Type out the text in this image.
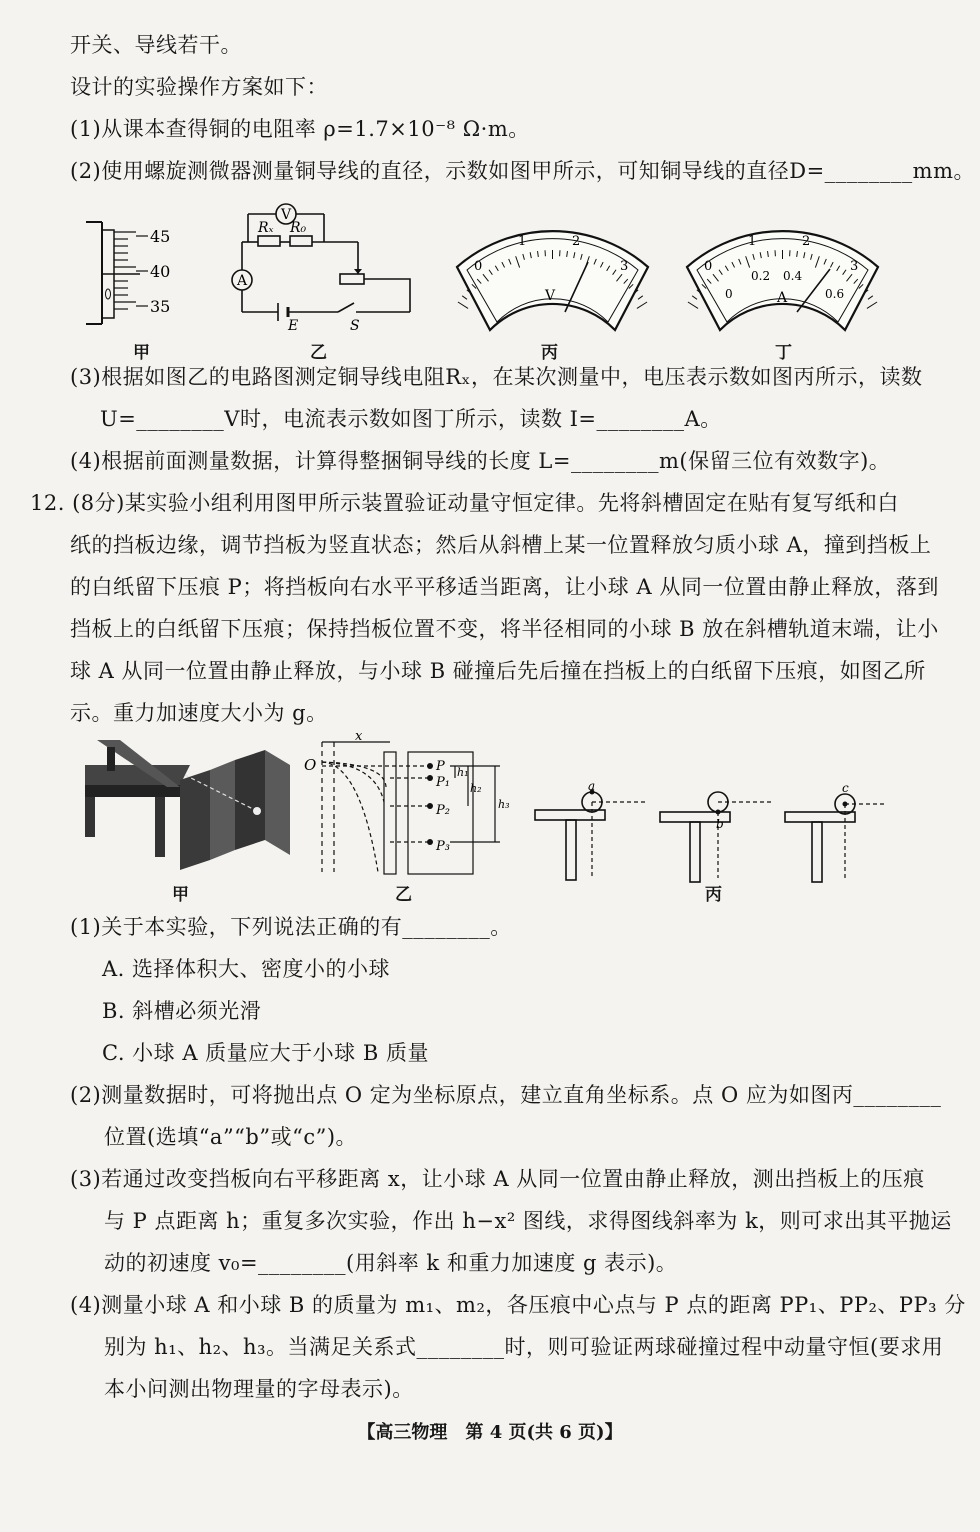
开关、导线若干。
设计的实验操作方案如下：
(1)从课本查得铜的电阻率 ρ=1.7×10⁻⁸ Ω·m。
(2)使用螺旋测微器测量铜导线的直径，示数如图甲所示，可知铜导线的直径D=________mm。
45
40
35
V
Rₓ R₀
A
E	S
0
1	2
3
V
0
1	2
3
0
0.2 0.4
0.6
A
甲	乙	丙	丁
(3)根据如图乙的电路图测定铜导线电阻Rₓ，在某次测量中，电压表示数如图丙所示，读数
U=________V时，电流表示数如图丁所示，读数 I=________A。
(4)根据前面测量数据，计算得整捆铜导线的长度 L=________m(保留三位有效数字)。
12. (8分)某实验小组利用图甲所示装置验证动量守恒定律。先将斜槽固定在贴有复写纸和白
纸的挡板边缘，调节挡板为竖直状态；然后从斜槽上某一位置释放匀质小球 A，撞到挡板上
的白纸留下压痕 P；将挡板向右水平平移适当距离，让小球 A 从同一位置由静止释放，落到
挡板上的白纸留下压痕；保持挡板位置不变，将半径相同的小球 B 放在斜槽轨道末端，让小
球 A 从同一位置由静止释放，与小球 B 碰撞后先后撞在挡板上的白纸留下压痕，如图乙所
示。重力加速度大小为 g。
x
O	P
P₁
P₂
P₃
h₁
h₂
h₃
a
b
c
甲	乙	丙
(1)关于本实验，下列说法正确的有________。
A. 选择体积大、密度小的小球
B. 斜槽必须光滑
C. 小球 A 质量应大于小球 B 质量
(2)测量数据时，可将抛出点 O 定为坐标原点，建立直角坐标系。点 O 应为如图丙________
位置(选填“a”“b”或“c”)。
(3)若通过改变挡板向右平移距离 x，让小球 A 从同一位置由静止释放，测出挡板上的压痕
与 P 点距离 h；重复多次实验，作出 h−x² 图线，求得图线斜率为 k，则可求出其平抛运
动的初速度 v₀=________(用斜率 k 和重力加速度 g 表示)。
(4)测量小球 A 和小球 B 的质量为 m₁、m₂，各压痕中心点与 P 点的距离 PP₁、PP₂、PP₃ 分
别为 h₁、h₂、h₃。当满足关系式________时，则可验证两球碰撞过程中动量守恒(要求用
本小问测出物理量的字母表示)。
【高三物理　第 4 页(共 6 页)】
